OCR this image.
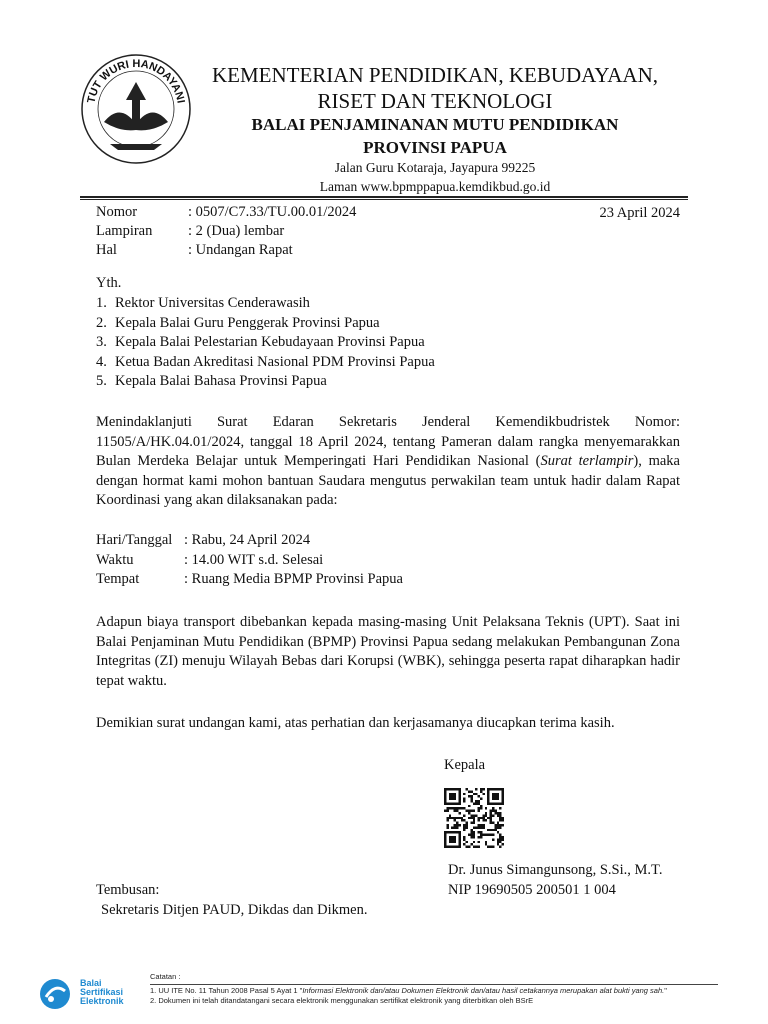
TUT WURI HANDAYANI
KEMENTERIAN PENDIDIKAN, KEBUDAYAAN,
RISET DAN TEKNOLOGI
BALAI PENJAMINANAN MUTU PENDIDIKAN
PROVINSI PAPUA
Jalan Guru Kotaraja, Jayapura 99225
Laman www.bpmppapua.kemdikbud.go.id
Nomor	: 0507/C7.33/TU.00.01/2024
Lampiran	: 2 (Dua) lembar
Hal	: Undangan Rapat
23 April 2024
Yth.
1. Rektor Universitas Cenderawasih
2. Kepala Balai Guru Penggerak Provinsi Papua
3. Kepala Balai Pelestarian Kebudayaan Provinsi Papua
4. Ketua Badan Akreditasi Nasional PDM Provinsi Papua
5. Kepala Balai Bahasa Provinsi Papua
Menindaklanjuti Surat Edaran Sekretaris Jenderal Kemendikbudristek Nomor: 11505/A/HK.04.01/2024, tanggal 18 April 2024, tentang Pameran dalam rangka menyemarakkan Bulan Merdeka Belajar untuk Memperingati Hari Pendidikan Nasional (Surat terlampir), maka dengan hormat kami mohon bantuan Saudara mengutus perwakilan team untuk hadir dalam Rapat Koordinasi yang akan dilaksanakan pada:
Hari/Tanggal : Rabu, 24 April 2024
Waktu	: 14.00 WIT s.d. Selesai
Tempat	: Ruang Media BPMP Provinsi Papua
Adapun biaya transport dibebankan kepada masing-masing Unit Pelaksana Teknis (UPT). Saat ini Balai Penjaminan Mutu Pendidikan (BPMP) Provinsi Papua sedang melakukan Pembangunan Zona Integritas (ZI) menuju Wilayah Bebas dari Korupsi (WBK), sehingga peserta rapat diharapkan hadir tepat waktu.
Demikian surat undangan kami, atas perhatian dan kerjasamanya diucapkan terima kasih.
Kepala
Dr. Junus Simangunsong, S.Si., M.T.
NIP 19690505 200501 1 004
Tembusan:
Sekretaris Ditjen PAUD, Dikdas dan Dikmen.
Balai
Sertifikasi
Elektronik
Catatan :
1. UU ITE No. 11 Tahun 2008 Pasal 5 Ayat 1 "Informasi Elektronik dan/atau Dokumen Elektronik dan/atau hasil cetakannya merupakan alat bukti yang sah."
2. Dokumen ini telah ditandatangani secara elektronik menggunakan sertifikat elektronik yang diterbitkan oleh BSrE
